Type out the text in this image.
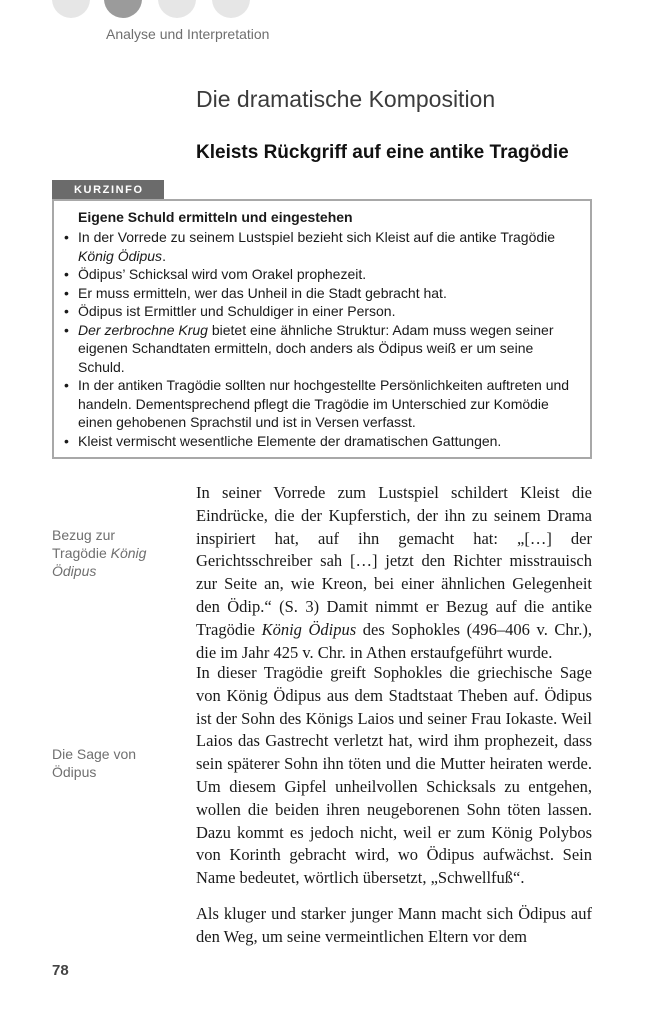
Analyse und Interpretation
Die dramatische Komposition
Kleists Rückgriff auf eine antike Tragödie
KURZINFO
Eigene Schuld ermitteln und eingestehen
• In der Vorrede zu seinem Lustspiel bezieht sich Kleist auf die antike Tragödie König Ödipus.
• Ödipus’ Schicksal wird vom Orakel prophezeit.
• Er muss ermitteln, wer das Unheil in die Stadt gebracht hat.
• Ödipus ist Ermittler und Schuldiger in einer Person.
• Der zerbrochne Krug bietet eine ähnliche Struktur: Adam muss wegen seiner eigenen Schandtaten ermitteln, doch anders als Ödipus weiß er um seine Schuld.
• In der antiken Tragödie sollten nur hochgestellte Persönlichkeiten auftreten und handeln. Dementsprechend pflegt die Tragödie im Unterschied zur Komödie einen gehobenen Sprachstil und ist in Versen verfasst.
• Kleist vermischt wesentliche Elemente der dramatischen Gattungen.
Bezug zur Tragödie König Ödipus
Die Sage von Ödipus

In seiner Vorrede zum Lustspiel schildert Kleist die Eindrücke, die der Kupferstich, der ihn zu seinem Drama inspiriert hat, auf ihn gemacht hat: „[…] der Gerichtsschreiber sah […] jetzt den Richter misstrauisch zur Seite an, wie Kreon, bei einer ähnlichen Gelegenheit den Ödip.“ (S. 3) Damit nimmt er Bezug auf die antike Tragödie König Ödipus des Sophokles (496–406 v. Chr.), die im Jahr 425 v. Chr. in Athen erstaufgeführt wurde.

In dieser Tragödie greift Sophokles die griechische Sage von König Ödipus aus dem Stadtstaat Theben auf. Ödipus ist der Sohn des Königs Laios und seiner Frau Iokaste. Weil Laios das Gastrecht verletzt hat, wird ihm prophezeit, dass sein späterer Sohn ihn töten und die Mutter heiraten werde. Um diesem Gipfel unheilvollen Schicksals zu entgehen, wollen die beiden ihren neugeborenen Sohn töten lassen. Dazu kommt es jedoch nicht, weil er zum König Polybos von Korinth gebracht wird, wo Ödipus aufwächst. Sein Name bedeutet, wörtlich übersetzt, „Schwellfuß“.

Als kluger und starker junger Mann macht sich Ödipus auf den Weg, um seine vermeintlichen Eltern vor dem

78
